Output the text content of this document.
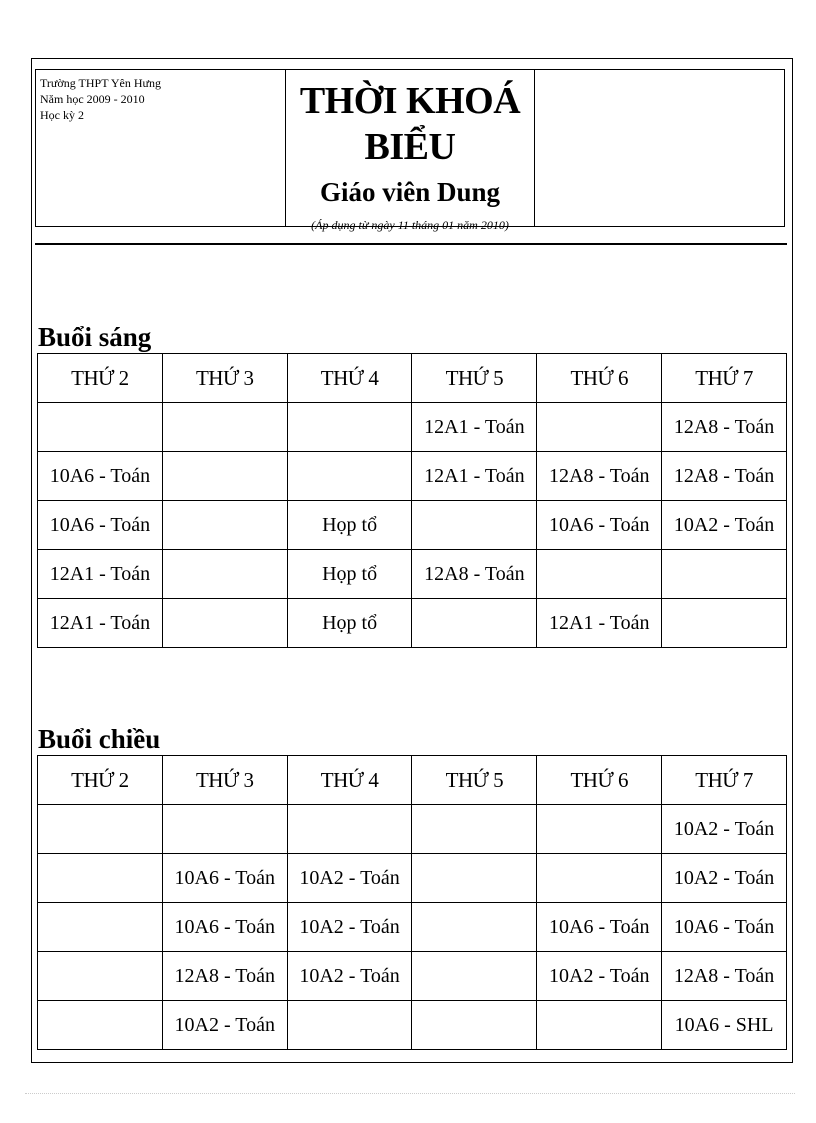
Trường THPT Yên Hưng
Năm học 2009 - 2010
Học kỳ 2	THỜI KHOÁ BIỂU
Giáo viên Dung
(Áp dụng từ ngày 11 tháng 01 năm 2010)
Buổi sáng
THỨ 2	THỨ 3	THỨ 4	THỨ 5	THỨ 6	THỨ 7
			12A1 - Toán		12A8 - Toán
10A6 - Toán			12A1 - Toán	12A8 - Toán	12A8 - Toán
10A6 - Toán		Họp tổ		10A6 - Toán	10A2 - Toán
12A1 - Toán		Họp tổ	12A8 - Toán		
12A1 - Toán		Họp tổ		12A1 - Toán	
Buổi chiều
THỨ 2	THỨ 3	THỨ 4	THỨ 5	THỨ 6	THỨ 7
					10A2 - Toán
	10A6 - Toán	10A2 - Toán			10A2 - Toán
	10A6 - Toán	10A2 - Toán		10A6 - Toán	10A6 - Toán
	12A8 - Toán	10A2 - Toán		10A2 - Toán	12A8 - Toán
	10A2 - Toán				10A6 - SHL
